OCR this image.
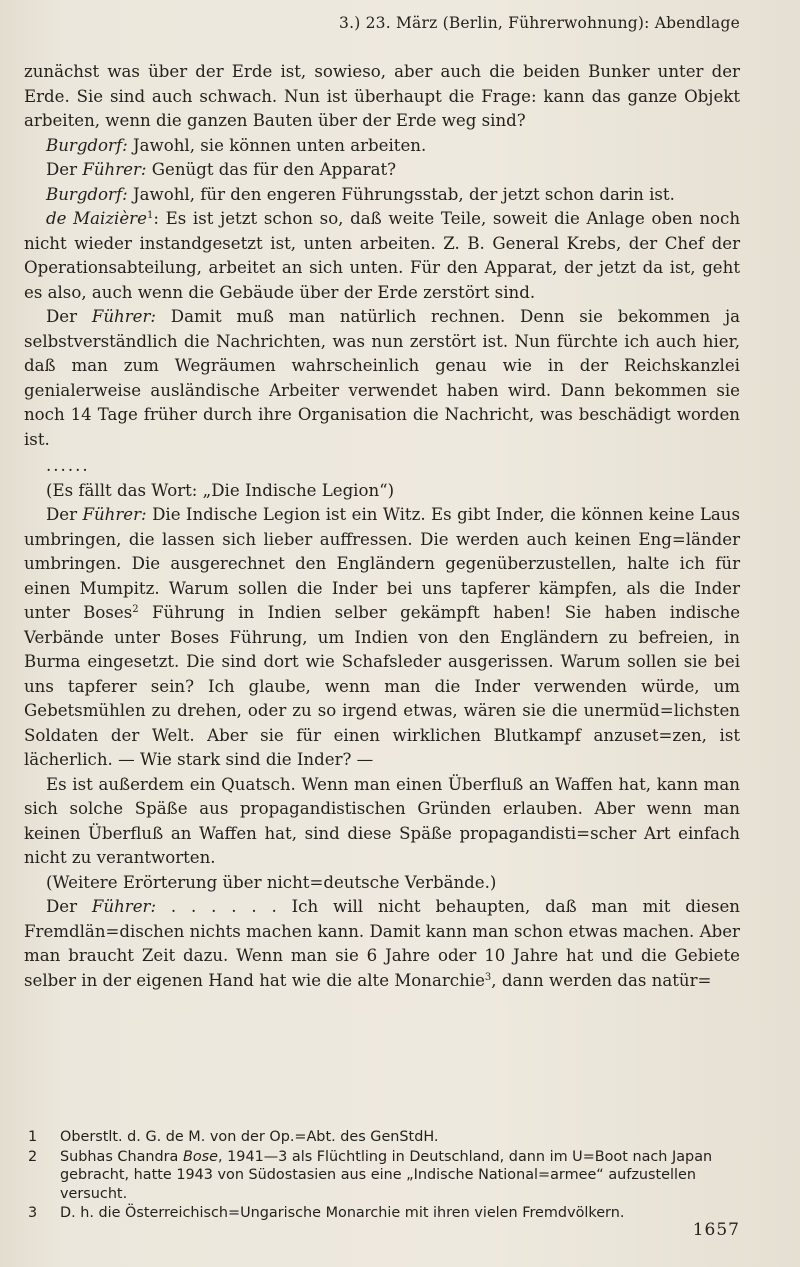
3.) 23. März (Berlin, Führerwohnung): Abendlage

zunächst was über der Erde ist, sowieso, aber auch die beiden Bunker unter der Erde. Sie sind auch schwach. Nun ist überhaupt die Frage: kann das ganze Objekt arbeiten, wenn die ganzen Bauten über der Erde weg sind?

Burgdorf: Jawohl, sie können unten arbeiten.

Der Führer: Genügt das für den Apparat?

Burgdorf: Jawohl, für den engeren Führungsstab, der jetzt schon darin ist.

de Maizière$^1$: Es ist jetzt schon so, daß weite Teile, soweit die Anlage oben noch nicht wieder instandgesetzt ist, unten arbeiten. Z. B. General Krebs, der Chef der Operationsabteilung, arbeitet an sich unten. Für den Apparat, der jetzt da ist, geht es also, auch wenn die Gebäude über der Erde zerstört sind.

Der Führer: Damit muß man natürlich rechnen. Denn sie bekommen ja selbstverständlich die Nachrichten, was nun zerstört ist. Nun fürchte ich auch hier, daß man zum Wegräumen wahrscheinlich genau wie in der Reichskanzlei genialerweise ausländische Arbeiter verwendet haben wird. Dann bekommen sie noch 14 Tage früher durch ihre Organisation die Nachricht, was beschädigt worden ist.

......

(Es fällt das Wort: „Die Indische Legion“)

Der Führer: Die Indische Legion ist ein Witz. Es gibt Inder, die können keine Laus umbringen, die lassen sich lieber auffressen. Die werden auch keinen Eng=länder umbringen. Die ausgerechnet den Engländern gegenüberzustellen, halte ich für einen Mumpitz. Warum sollen die Inder bei uns tapferer kämpfen, als die Inder unter Boses$^2$ Führung in Indien selber gekämpft haben! Sie haben indische Verbände unter Boses Führung, um Indien von den Engländern zu befreien, in Burma eingesetzt. Die sind dort wie Schafsleder ausgerissen. Warum sollen sie bei uns tapferer sein? Ich glaube, wenn man die Inder verwenden würde, um Gebetsmühlen zu drehen, oder zu so irgend etwas, wären sie die unermüd=lichsten Soldaten der Welt. Aber sie für einen wirklichen Blutkampf anzuset=zen, ist lächerlich. — Wie stark sind die Inder? —

Es ist außerdem ein Quatsch. Wenn man einen Überfluß an Waffen hat, kann man sich solche Späße aus propagandistischen Gründen erlauben. Aber wenn man keinen Überfluß an Waffen hat, sind diese Späße propagandisti=scher Art einfach nicht zu verantworten.

(Weitere Erörterung über nicht=deutsche Verbände.)

Der Führer: . . . . . . Ich will nicht behaupten, daß man mit diesen Fremdlän=dischen nichts machen kann. Damit kann man schon etwas machen. Aber man braucht Zeit dazu. Wenn man sie 6 Jahre oder 10 Jahre hat und die Gebiete selber in der eigenen Hand hat wie die alte Monarchie$^3$, dann werden das natür=

1	Oberstlt. d. G. de M. von der Op.=Abt. des GenStdH.
2	Subhas Chandra Bose, 1941—3 als Flüchtling in Deutschland, dann im U=Boot nach Japan gebracht, hatte 1943 von Südostasien aus eine „Indische National=armee“ aufzustellen versucht.
3	D. h. die Österreichisch=Ungarische Monarchie mit ihren vielen Fremdvölkern.
1657
